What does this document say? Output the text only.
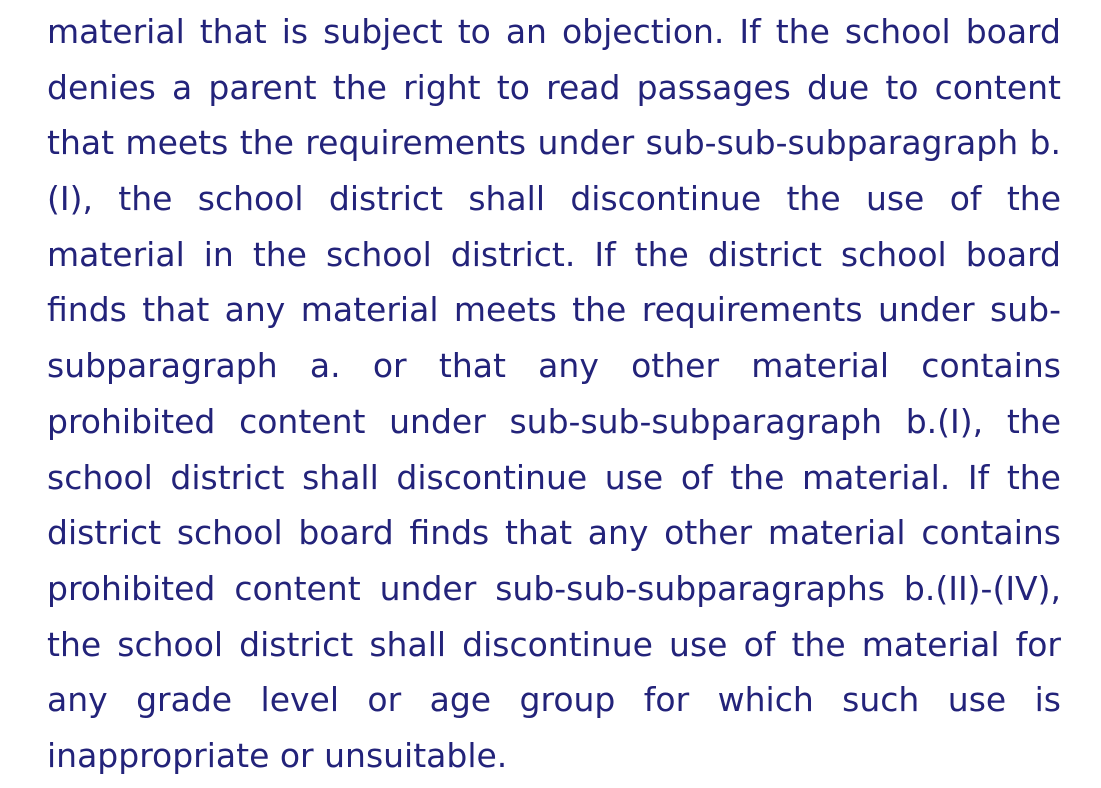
material that is subject to an objection. If the school board
denies a parent the right to read passages due to content
that meets the requirements under sub-sub-subparagraph b.
(I), the school district shall discontinue the use of the
material in the school district. If the district school board
finds that any material meets the requirements under sub-
subparagraph a. or that any other material contains
prohibited content under sub-sub-subparagraph b.(I), the
school district shall discontinue use of the material. If the
district school board finds that any other material contains
prohibited content under sub-sub-subparagraphs b.(II)-(IV),
the school district shall discontinue use of the material for
any grade level or age group for which such use is
inappropriate or unsuitable.
